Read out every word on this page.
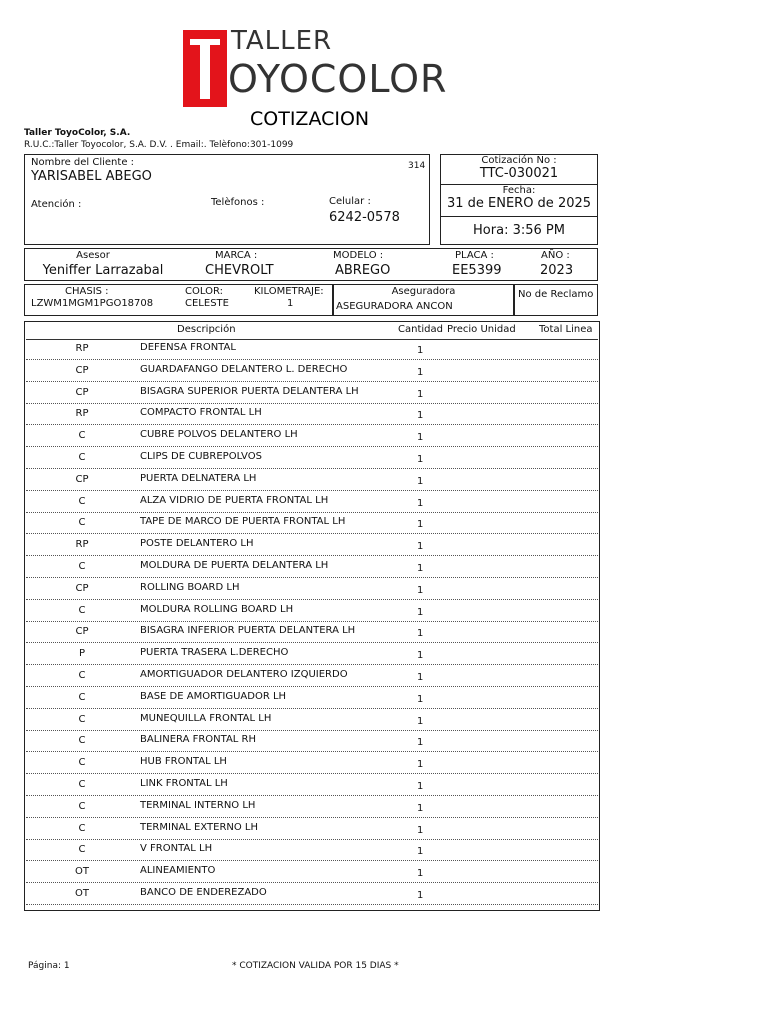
TALLER
OYOCOLOR
COTIZACION
Taller ToyoColor, S.A.
R.U.C.:Taller Toyocolor, S.A. D.V. . Email:. Telèfono:301-1099
Nombre del Cliente :
YARISABEL ABEGO
314
Atención :	Telèfonos :	Celular :
6242-0578
Cotización No :
TTC-030021
Fecha:
31 de ENERO de 2025
Hora: 3:56 PM
Asesor
Yeniffer Larrazabal
MARCA :
CHEVROLT
MODELO :
ABREGO
PLACA :
EE5399
AÑO :
2023
CHASIS :
LZWM1MGM1PGO18708
COLOR:
CELESTE
KILOMETRAJE:
1
Aseguradora
ASEGURADORA ANCON
No de Reclamo
Descripción	Cantidad Precio Unidad Total Linea
RP	DEFENSA FRONTAL	1
CP	GUARDAFANGO DELANTERO L. DERECHO	1
CP	BISAGRA SUPERIOR PUERTA DELANTERA LH	1
RP	COMPACTO FRONTAL LH	1
C	CUBRE POLVOS DELANTERO LH	1
C	CLIPS DE CUBREPOLVOS	1
CP	PUERTA DELNATERA LH	1
C	ALZA VIDRIO DE PUERTA FRONTAL LH	1
C	TAPE DE MARCO DE PUERTA FRONTAL LH	1
RP	POSTE DELANTERO LH	1
C	MOLDURA DE PUERTA DELANTERA LH	1
CP	ROLLING BOARD LH	1
C	MOLDURA ROLLING BOARD LH	1
CP	BISAGRA INFERIOR PUERTA DELANTERA LH	1
P	PUERTA TRASERA L.DERECHO	1
C	AMORTIGUADOR DELANTERO IZQUIERDO	1
C	BASE DE AMORTIGUADOR LH	1
C	MUNEQUILLA FRONTAL LH	1
C	BALINERA FRONTAL RH	1
C	HUB FRONTAL LH	1
C	LINK FRONTAL LH	1
C	TERMINAL INTERNO LH	1
C	TERMINAL EXTERNO LH	1
C	V FRONTAL LH	1
OT	ALINEAMIENTO	1
OT	BANCO DE ENDEREZADO	1
Página: 1	* COTIZACION VALIDA POR 15 DIAS *
